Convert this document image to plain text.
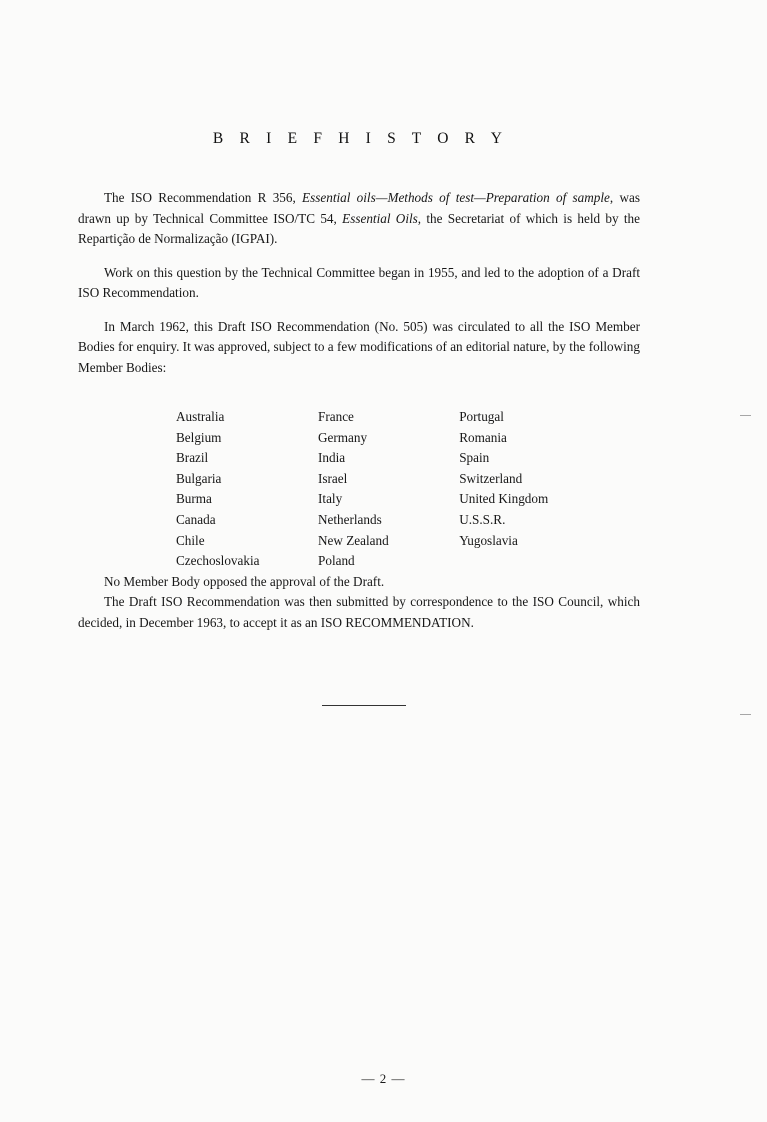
B R I E F H I S T O R Y

The ISO Recommendation R 356, Essential oils—Methods of test—Preparation of sample, was drawn up by Technical Committee ISO/TC 54, Essential Oils, the Secretariat of which is held by the Repartição de Normalização (IGPAI).

Work on this question by the Technical Committee began in 1955, and led to the adoption of a Draft ISO Recommendation.

In March 1962, this Draft ISO Recommendation (No. 505) was circulated to all the ISO Member Bodies for enquiry. It was approved, subject to a few modifications of an editorial nature, by the following Member Bodies:

Australia	France	Portugal
Belgium	Germany	Romania
Brazil	India	Spain
Bulgaria	Israel	Switzerland
Burma	Italy	United Kingdom
Canada	Netherlands	U.S.S.R.
Chile	New Zealand	Yugoslavia
Czechoslovakia	Poland	

No Member Body opposed the approval of the Draft.

The Draft ISO Recommendation was then submitted by correspondence to the ISO Council, which decided, in December 1963, to accept it as an ISO RECOMMENDATION.

— 2 —
